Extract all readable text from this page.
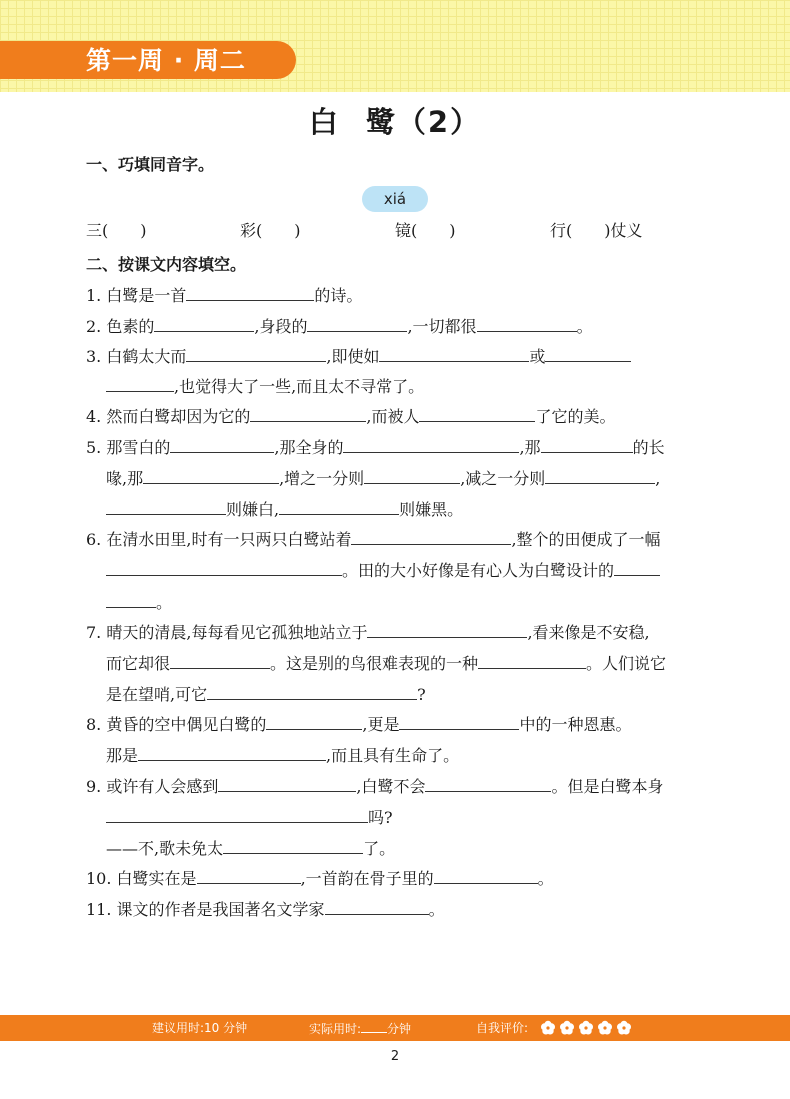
第一周 · 周二
白 鹭（2）
一、巧填同音字。
xiá
三(　　)	彩(　　)	镜(　　)	行(　　)仗义
二、按课文内容填空。
1. 白鹭是一首	的诗。
2. 色素的	,身段的	,一切都很	。
3. 白鹤太大而	,即使如	或
,也觉得大了一些,而且太不寻常了。
4. 然而白鹭却因为它的	,而被人	了它的美。
5. 那雪白的	,那全身的	,那	的长
喙,那	,增之一分则	,减之一分则	,
则嫌白,	则嫌黑。
6. 在清水田里,时有一只两只白鹭站着	,整个的田便成了一幅
。田的大小好像是有心人为白鹭设计的
。
7. 晴天的清晨,每每看见它孤独地站立于	,看来像是不安稳,
而它却很	。这是别的鸟很难表现的一种	。人们说它
是在望哨,可它	?
8. 黄昏的空中偶见白鹭的	,更是	中的一种恩惠。
那是	,而且具有生命了。
9. 或许有人会感到	,白鹭不会	。但是白鹭本身
吗?
——不,歌未免太	了。
10. 白鹭实在是	,一首韵在骨子里的	。
11. 课文的作者是我国著名文学家	。
建议用时:10 分钟	实际用时: 分钟	自我评价:
2
